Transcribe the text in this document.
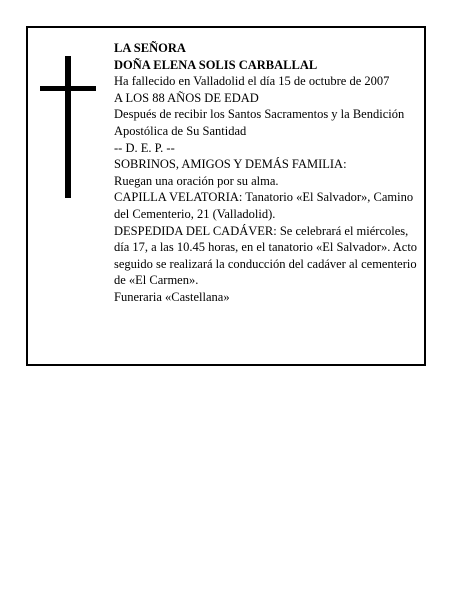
LA SEÑORA

DOÑA ELENA SOLIS CARBALLAL

Ha fallecido en Valladolid el día 15 de octubre de 2007

A LOS 88 AÑOS DE EDAD

Después de recibir los Santos Sacramentos y la Bendición Apostólica de Su Santidad

-- D. E. P. --

SOBRINOS, AMIGOS Y DEMÁS FAMILIA:

Ruegan una oración por su alma.

CAPILLA VELATORIA: Tanatorio «El Salvador», Camino del Cementerio, 21 (Valladolid).

DESPEDIDA DEL CADÁVER: Se celebrará el miércoles, día 17, a las 10.45 horas, en el tanatorio «El Salvador». Acto seguido se realizará la conducción del cadáver al cementerio de «El Carmen».

Funeraria «Castellana»
